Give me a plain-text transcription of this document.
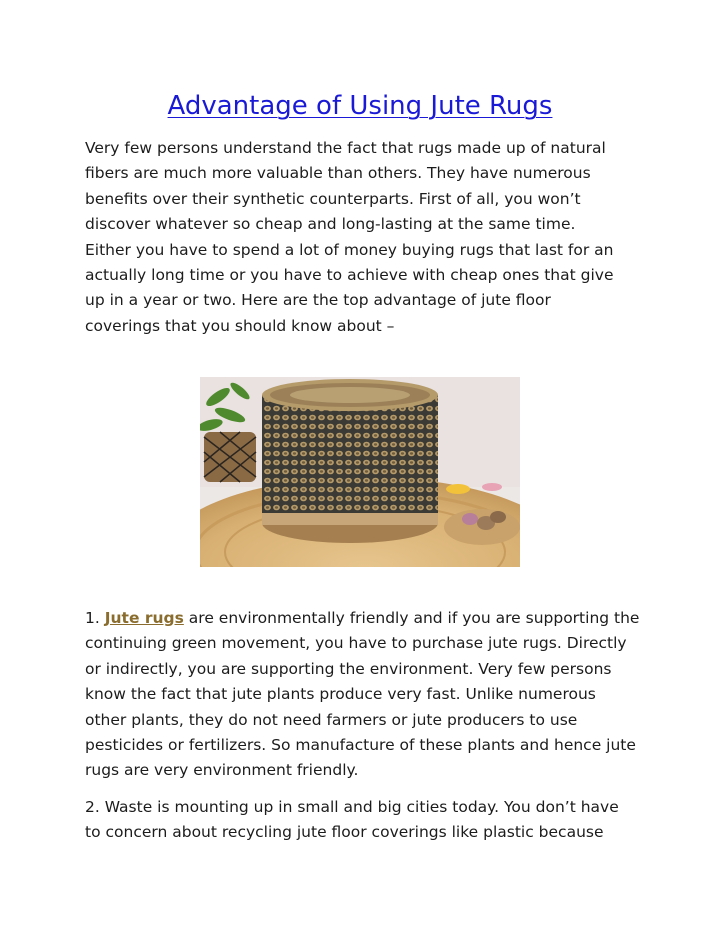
Advantage of Using Jute Rugs

Very few persons understand the fact that rugs made up of natural fibers are much more valuable than others. They have numerous benefits over their synthetic counterparts. First of all, you won’t discover whatever so cheap and long-lasting at the same time. Either you have to spend a lot of money buying rugs that last for an actually long time or you have to achieve with cheap ones that give up in a year or two. Here are the top advantage of jute floor coverings that you should know about –

1. Jute rugs are environmentally friendly and if you are supporting the continuing green movement, you have to purchase jute rugs. Directly or indirectly, you are supporting the environment. Very few persons know the fact that jute plants produce very fast. Unlike numerous other plants, they do not need farmers or jute producers to use pesticides or fertilizers. So manufacture of these plants and hence jute rugs are very environment friendly.

2. Waste is mounting up in small and big cities today. You don’t have to concern about recycling jute floor coverings like plastic because
